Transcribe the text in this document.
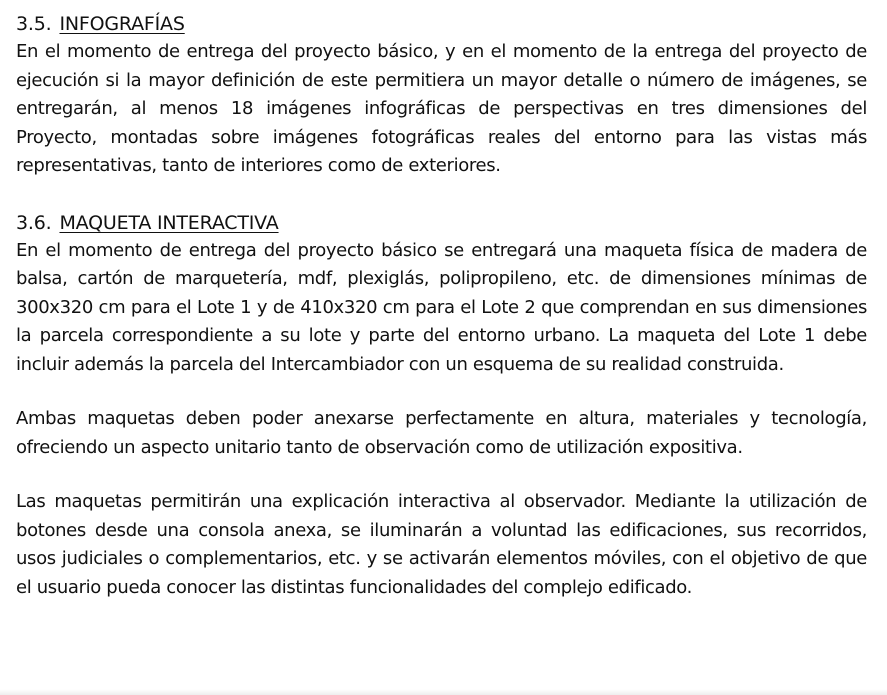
3.5. INFOGRAFÍAS

En el momento de entrega del proyecto básico, y en el momento de la entrega del proyecto de ejecución si la mayor definición de este permitiera un mayor detalle o número de imágenes, se entregarán, al menos 18 imágenes infográficas de perspectivas en tres dimensiones del Proyecto, montadas sobre imágenes fotográficas reales del entorno para las vistas más representativas, tanto de interiores como de exteriores.

3.6. MAQUETA INTERACTIVA

En el momento de entrega del proyecto básico se entregará una maqueta física de madera de balsa, cartón de marquetería, mdf, plexiglás, polipropileno, etc. de dimensiones mínimas de 300x320 cm para el Lote 1 y de 410x320 cm para el Lote 2 que comprendan en sus dimensiones la parcela correspondiente a su lote y parte del entorno urbano. La maqueta del Lote 1 debe incluir además la parcela del Intercambiador con un esquema de su realidad construida.

Ambas maquetas deben poder anexarse perfectamente en altura, materiales y tecnología, ofreciendo un aspecto unitario tanto de observación como de utilización expositiva.

Las maquetas permitirán una explicación interactiva al observador. Mediante la utilización de botones desde una consola anexa, se iluminarán a voluntad las edificaciones, sus recorridos, usos judiciales o complementarios, etc. y se activarán elementos móviles, con el objetivo de que el usuario pueda conocer las distintas funcionalidades del complejo edificado.
